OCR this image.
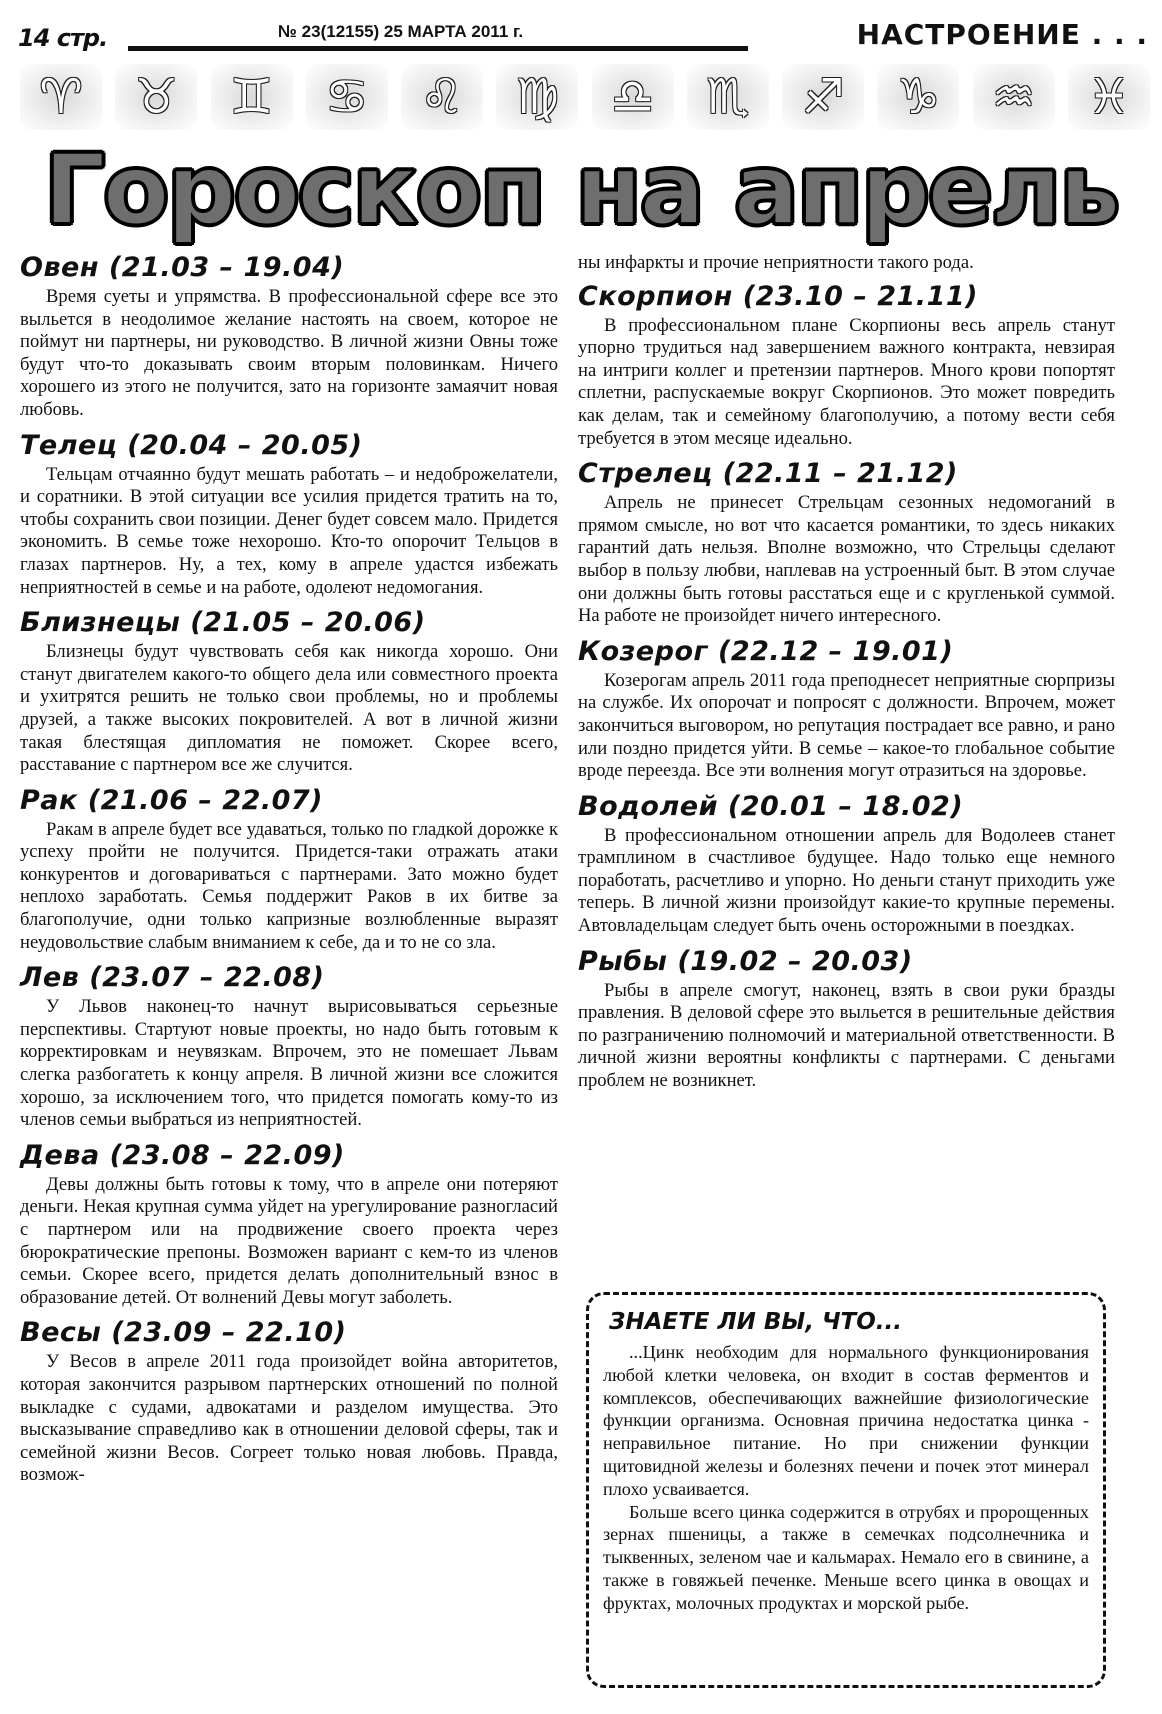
14 стр.	№ 23(12155) 25 МАРТА 2011 г.	НАСТРОЕНИЕ . . .
♈	♉	♊	♋	♌	♍	♎	♏	♐	♑	♒	♓
Гороскоп на апрель
Овен (21.03 – 19.04)

Время суеты и упрямства. В профессиональной сфере все это выльется в неодолимое желание настоять на своем, которое не поймут ни партнеры, ни руководство. В личной жизни Овны тоже будут что-то доказывать своим вторым половинкам. Ничего хорошего из этого не получится, зато на горизонте замаячит новая любовь.

Телец (20.04 – 20.05)

Тельцам отчаянно будут мешать работать – и недоброжелатели, и соратники. В этой ситуации все усилия придется тратить на то, чтобы сохранить свои позиции. Денег будет совсем мало. Придется экономить. В семье тоже нехорошо. Кто-то опорочит Тельцов в глазах партнеров. Ну, а тех, кому в апреле удастся избежать неприятностей в семье и на работе, одолеют недомогания.

Близнецы (21.05 – 20.06)

Близнецы будут чувствовать себя как никогда хорошо. Они станут двигателем какого-то общего дела или совместного проекта и ухитрятся решить не только свои проблемы, но и проблемы друзей, а также высоких покровителей. А вот в личной жизни такая блестящая дипломатия не поможет. Скорее всего, расставание с партнером все же случится.

Рак (21.06 – 22.07)

Ракам в апреле будет все удаваться, только по гладкой дорожке к успеху пройти не получится. Придется-таки отражать атаки конкурентов и договариваться с партнерами. Зато можно будет неплохо заработать. Семья поддержит Раков в их битве за благополучие, одни только капризные возлюбленные выразят неудовольствие слабым вниманием к себе, да и то не со зла.

Лев (23.07 – 22.08)

У Львов наконец-то начнут вырисовываться серьезные перспективы. Стартуют новые проекты, но надо быть готовым к корректировкам и неувязкам. Впрочем, это не помешает Львам слегка разбогатеть к концу апреля. В личной жизни все сложится хорошо, за исключением того, что придется помогать кому-то из членов семьи выбраться из неприятностей.

Дева (23.08 – 22.09)

Девы должны быть готовы к тому, что в апреле они потеряют деньги. Некая крупная сумма уйдет на урегулирование разногласий с партнером или на продвижение своего проекта через бюрократические препоны. Возможен вариант с кем-то из членов семьи. Скорее всего, придется делать дополнительный взнос в образование детей. От волнений Девы могут заболеть.

Весы (23.09 – 22.10)

У Весов в апреле 2011 года произойдет война авторитетов, которая закончится разрывом партнерских отношений по полной выкладке с судами, адвокатами и разделом имущества. Это высказывание справедливо как в отношении деловой сферы, так и семейной жизни Весов. Согреет только новая любовь. Правда, возмож-

ны инфаркты и прочие неприятности такого рода.

Скорпион (23.10 – 21.11)

В профессиональном плане Скорпионы весь апрель станут упорно трудиться над завершением важного контракта, невзирая на интриги коллег и претензии партнеров. Много крови попортят сплетни, распускаемые вокруг Скорпионов. Это может повредить как делам, так и семейному благополучию, а потому вести себя требуется в этом месяце идеально.

Стрелец (22.11 – 21.12)

Апрель не принесет Стрельцам сезонных недомоганий в прямом смысле, но вот что касается романтики, то здесь никаких гарантий дать нельзя. Вполне возможно, что Стрельцы сделают выбор в пользу любви, наплевав на устроенный быт. В этом случае они должны быть готовы расстаться еще и с кругленькой суммой. На работе не произойдет ничего интересного.

Козерог (22.12 – 19.01)

Козерогам апрель 2011 года преподнесет неприятные сюрпризы на службе. Их опорочат и попросят с должности. Впрочем, может закончиться выговором, но репутация пострадает все равно, и рано или поздно придется уйти. В семье – какое-то глобальное событие вроде переезда. Все эти волнения могут отразиться на здоровье.

Водолей (20.01 – 18.02)

В профессиональном отношении апрель для Водолеев станет трамплином в счастливое будущее. Надо только еще немного поработать, расчетливо и упорно. Но деньги станут приходить уже теперь. В личной жизни произойдут какие-то крупные перемены. Автовладельцам следует быть очень осторожными в поездках.

Рыбы (19.02 – 20.03)

Рыбы в апреле смогут, наконец, взять в свои руки бразды правления. В деловой сфере это выльется в решительные действия по разграничению полномочий и материальной ответственности. В личной жизни вероятны конфликты с партнерами. С деньгами проблем не возникнет.

ЗНАЕТЕ ЛИ ВЫ, ЧТО...

...Цинк необходим для нормального функционирования любой клетки человека, он входит в состав ферментов и комплексов, обеспечивающих важнейшие физиологические функции организма. Основная причина недостатка цинка - неправильное питание. Но при снижении функции щитовидной железы и болезнях печени и почек этот минерал плохо усваивается.

Больше всего цинка содержится в отрубях и пророщенных зернах пшеницы, а также в семечках подсолнечника и тыквенных, зеленом чае и кальмарах. Немало его в свинине, а также в говяжьей печенке. Меньше всего цинка в овощах и фруктах, молочных продуктах и морской рыбе.
